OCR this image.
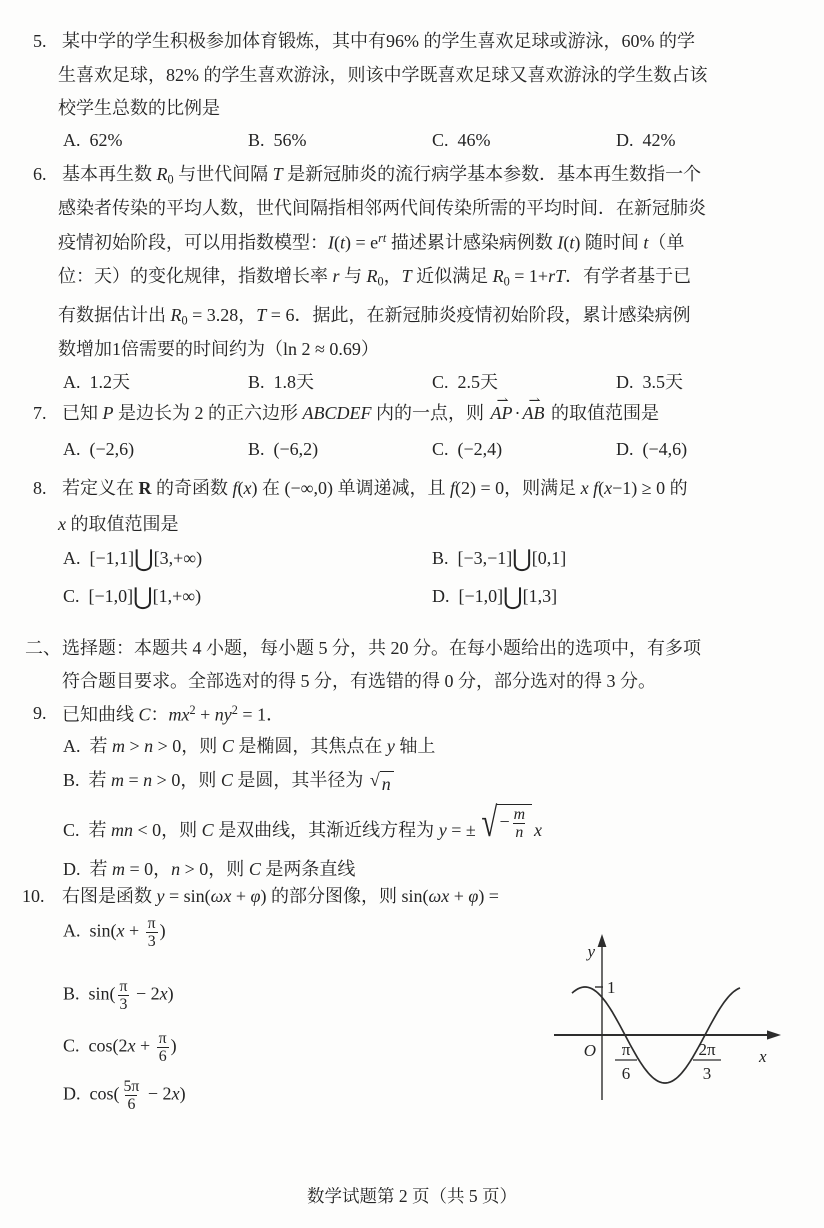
5. 某中学的学生积极参加体育锻炼，其中有96% 的学生喜欢足球或游泳，60% 的学
生喜欢足球，82% 的学生喜欢游泳，则该中学既喜欢足球又喜欢游泳的学生数占该
校学生总数的比例是
A.  62%	B.  56%	C.  46%	D.  42%
6. 基本再生数 $R_0$ 与世代间隔 T 是新冠肺炎的流行病学基本参数．基本再生数指一个
感染者传染的平均人数，世代间隔指相邻两代间传染所需的平均时间．在新冠肺炎
疫情初始阶段，可以用指数模型：$I(t) = e^{rt}$ 描述累计感染病例数 I(t) 随时间 t（单
位：天）的变化规律，指数增长率 r 与 $R_0$，T 近似满足 $R_0 = 1+rT$．有学者基于已
有数据估计出 $R_0 = 3.28$，T = 6．据此，在新冠肺炎疫情初始阶段，累计感染病例
数增加1倍需要的时间约为（ln 2 ≈ 0.69）
A.  1.2天	B.  1.8天	C.  2.5天	D.  3.5天
7. 已知 P 是边长为 2 的正六边形 ABCDEF 内的一点，则 AP ⇀ · AB ⇀ 的取值范围是
A.  (−2,6)	B.  (−6,2)	C.  (−2,4)	D.  (−4,6)
8. 若定义在 R 的奇函数 f(x) 在 (−∞,0) 单调递减，且 f(2) = 0，则满足 x f(x−1) ≥ 0 的
x 的取值范围是
A.  [−1,1]⋃[3,+∞)	B.  [−3,−1]⋃[0,1]
C.  [−1,0]⋃[1,+∞)	D.  [−1,0]⋃[1,3]
二、 选择题：本题共 4 小题，每小题 5 分，共 20 分。在每小题给出的选项中，有多项
符合题目要求。全部选对的得 5 分，有选错的得 0 分，部分选对的得 3 分。
9. 已知曲线 C：$mx^2 + ny^2 = 1$．
A.  若 m > n > 0，则 C 是椭圆，其焦点在 y 轴上
B.  若 m = n > 0，则 C 是圆，其半径为 √ n
C.  若 mn < 0，则 C 是双曲线，其渐近线方程为 y = ± √ − $\frac{m}{n}$ x
D.  若 m = 0，n > 0，则 C 是两条直线
10. 右图是函数 y = sin(ωx + φ) 的部分图像，则 sin(ωx + φ) =
A.  $\sin(x + \frac{\pi}{3}$ )
B.  $\sin( \frac{\pi}{3} - 2x)$
C.  $\cos(2x + \frac{\pi}{6}$ )
D.  $\cos( \frac{5\pi}{6} - 2x)$
y
x
O
1
π
6
2π
3
数学试题第 2 页（共 5 页）
